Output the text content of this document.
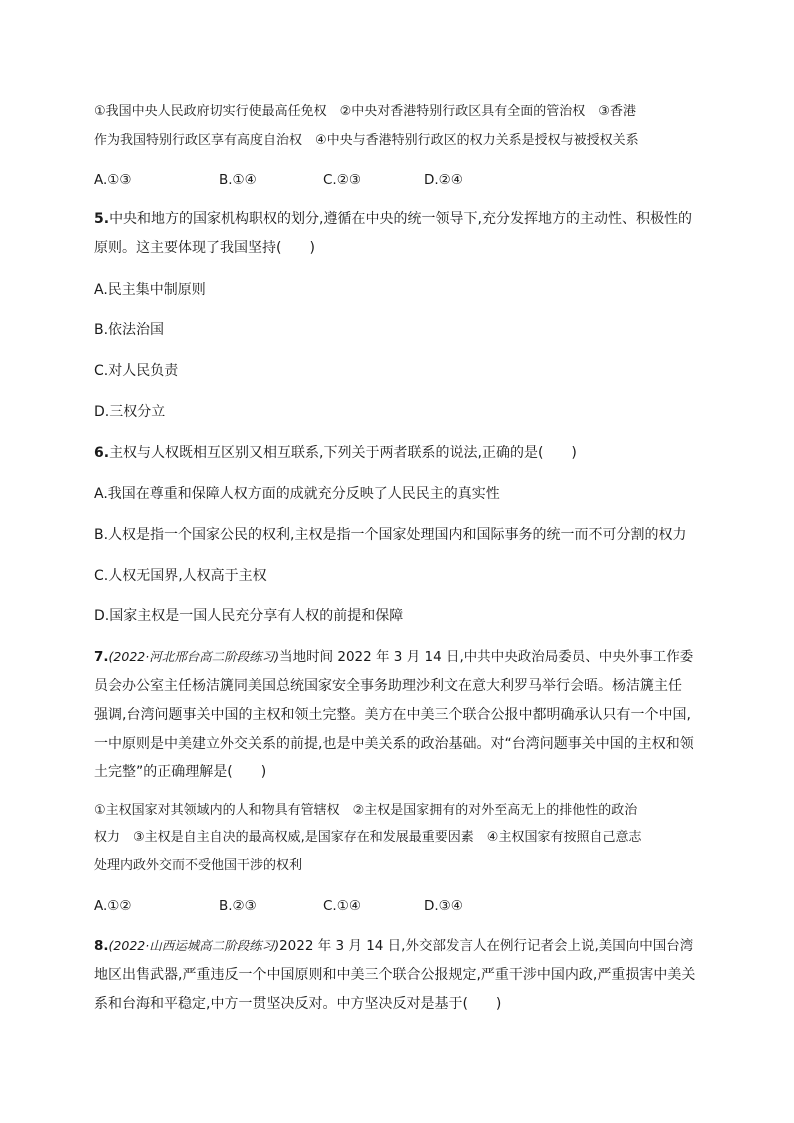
①我国中央人民政府切实行使最高任免权　②中央对香港特别行政区具有全面的管治权　③香港
作为我国特别行政区享有高度自治权　④中央与香港特别行政区的权力关系是授权与被授权关系
A.①③	B.①④	C.②③	D.②④
5.中央和地方的国家机构职权的划分,遵循在中央的统一领导下,充分发挥地方的主动性、积极性的
原则。这主要体现了我国坚持(　　)
A.民主集中制原则
B.依法治国
C.对人民负责
D.三权分立
6.主权与人权既相互区别又相互联系,下列关于两者联系的说法,正确的是(　　)
A.我国在尊重和保障人权方面的成就充分反映了人民民主的真实性
B.人权是指一个国家公民的权利,主权是指一个国家处理国内和国际事务的统一而不可分割的权力
C.人权无国界,人权高于主权
D.国家主权是一国人民充分享有人权的前提和保障
7.(2022·河北邢台高二阶段练习)当地时间 2022 年 3 月 14 日,中共中央政治局委员、中央外事工作委
员会办公室主任杨洁篪同美国总统国家安全事务助理沙利文在意大利罗马举行会晤。杨洁篪主任
强调,台湾问题事关中国的主权和领土完整。美方在中美三个联合公报中都明确承认只有一个中国,
一中原则是中美建立外交关系的前提,也是中美关系的政治基础。对“台湾问题事关中国的主权和领
土完整”的正确理解是(　　)
①主权国家对其领域内的人和物具有管辖权　②主权是国家拥有的对外至高无上的排他性的政治
权力　③主权是自主自决的最高权威,是国家存在和发展最重要因素　④主权国家有按照自己意志
处理内政外交而不受他国干涉的权利
A.①②	B.②③	C.①④	D.③④
8.(2022·山西运城高二阶段练习)2022 年 3 月 14 日,外交部发言人在例行记者会上说,美国向中国台湾
地区出售武器,严重违反一个中国原则和中美三个联合公报规定,严重干涉中国内政,严重损害中美关
系和台海和平稳定,中方一贯坚决反对。中方坚决反对是基于(　　)
